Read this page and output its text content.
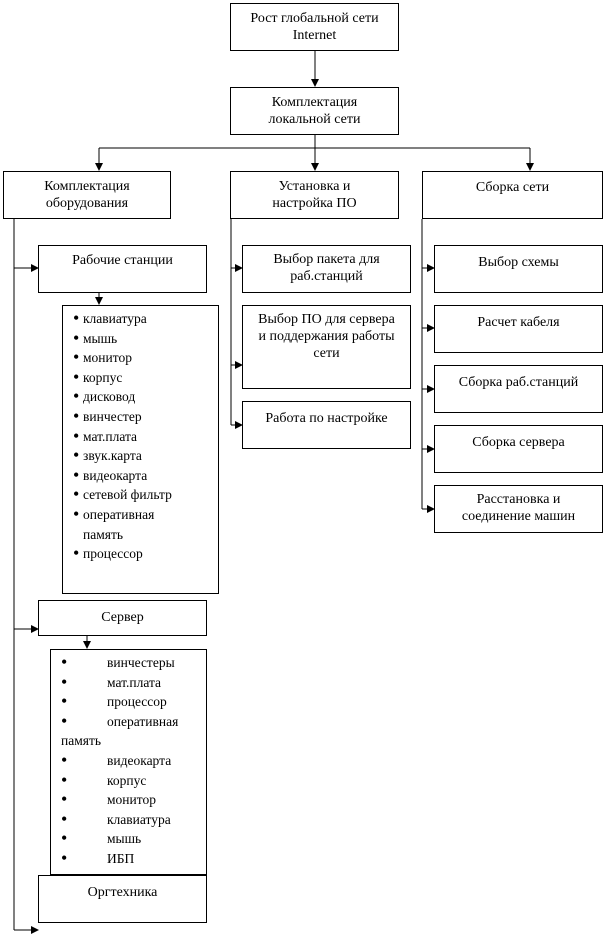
Рост глобальной сети Internet
Комплектация локальной сети
Комплектация оборудования
Установка и настройка ПО
Сборка сети
Рабочие станции
• клавиатура
• мышь
• монитор
• корпус
• дисковод
• винчестер
• мат.плата
• звук.карта
• видеокарта
• сетевой фильтр
• оперативная память
• процессор
Сервер
• винчестеры
• мат.плата
• процессор
• оперативная память
• видеокарта
• корпус
• монитор
• клавиатура
• мышь
• ИБП
Оргтехника
Выбор пакета для раб.станций
Выбор ПО для сервера и поддержания работы сети
Работа по настройке
Выбор схемы
Расчет кабеля
Сборка раб.станций
Сборка сервера
Расстановка и соединение машин
